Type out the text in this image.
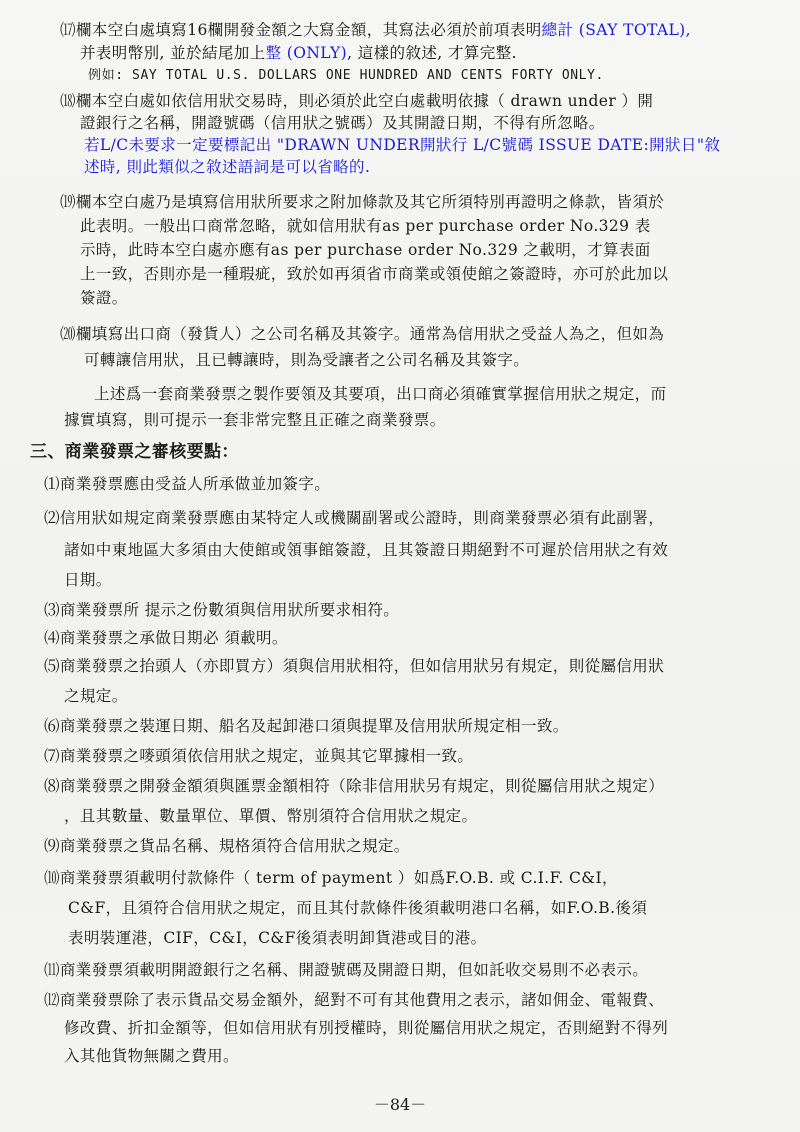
⒄欄本空白處填寫16欄開發金額之大寫金額，其寫法必須於前項表明總計 (SAY TOTAL),
并表明幣別, 並於結尾加上整 (ONLY), 這樣的敘述, 才算完整.
例如: SAY TOTAL U.S. DOLLARS ONE HUNDRED AND CENTS FORTY ONLY.
⒅欄本空白處如依信用狀交易時，則必須於此空白處載明依據（ drawn under ）開
證銀行之名稱，開證號碼（信用狀之號碼）及其開證日期，不得有所忽略。
若L/C未要求一定要標記出 "DRAWN UNDER開狀行 L/C號碼 ISSUE DATE:開狀日"敘
述時, 則此類似之敘述語詞是可以省略的.
⒆欄本空白處乃是填寫信用狀所要求之附加條款及其它所須特別再證明之條款，皆須於
此表明。一般出口商常忽略，就如信用狀有as per purchase order No.329 表
示時，此時本空白處亦應有as per purchase order No.329 之載明，才算表面
上一致，否則亦是一種瑕疵，致於如再須省市商業或領使館之簽證時，亦可於此加以
簽證。
⒇欄填寫出口商（發貨人）之公司名稱及其簽字。通常為信用狀之受益人為之，但如為
可轉讓信用狀，且已轉讓時，則為受讓者之公司名稱及其簽字。
上述爲一套商業發票之製作要領及其要項，出口商必須確實掌握信用狀之規定，而
據實填寫，則可提示一套非常完整且正確之商業發票。
三、商業發票之審核要點：
⑴商業發票應由受益人所承做並加簽字。
⑵信用狀如規定商業發票應由某特定人或機關副署或公證時，則商業發票必須有此副署，
諸如中東地區大多須由大使館或領事館簽證，且其簽證日期絕對不可遲於信用狀之有效
日期。
⑶商業發票所 提示之份數須與信用狀所要求相符。
⑷商業發票之承做日期必 須載明。
⑸商業發票之抬頭人（亦即買方）須與信用狀相符，但如信用狀另有規定，則從屬信用狀
之規定。
⑹商業發票之裝運日期、船名及起卸港口須與提單及信用狀所規定相一致。
⑺商業發票之嘜頭須依信用狀之規定，並與其它單據相一致。
⑻商業發票之開發金額須與匯票金額相符（除非信用狀另有規定，則從屬信用狀之規定）
，且其數量、數量單位、單價、幣別須符合信用狀之規定。
⑼商業發票之貨品名稱、規格須符合信用狀之規定。
⑽商業發票須載明付款條件（ term of payment ）如爲F.O.B. 或 C.I.F. C&I，
C&F，且須符合信用狀之規定，而且其付款條件後須載明港口名稱，如F.O.B.後須
表明裝運港，CIF，C&I，C&F後須表明卸貨港或目的港。
⑾商業發票須載明開證銀行之名稱、開證號碼及開證日期，但如託收交易則不必表示。
⑿商業發票除了表示貨品交易金額外，絕對不可有其他費用之表示，諸如佣金、電報費、
修改費、折扣金額等，但如信用狀有別授權時，則從屬信用狀之規定，否則絕對不得列
入其他貨物無關之費用。
－84－
